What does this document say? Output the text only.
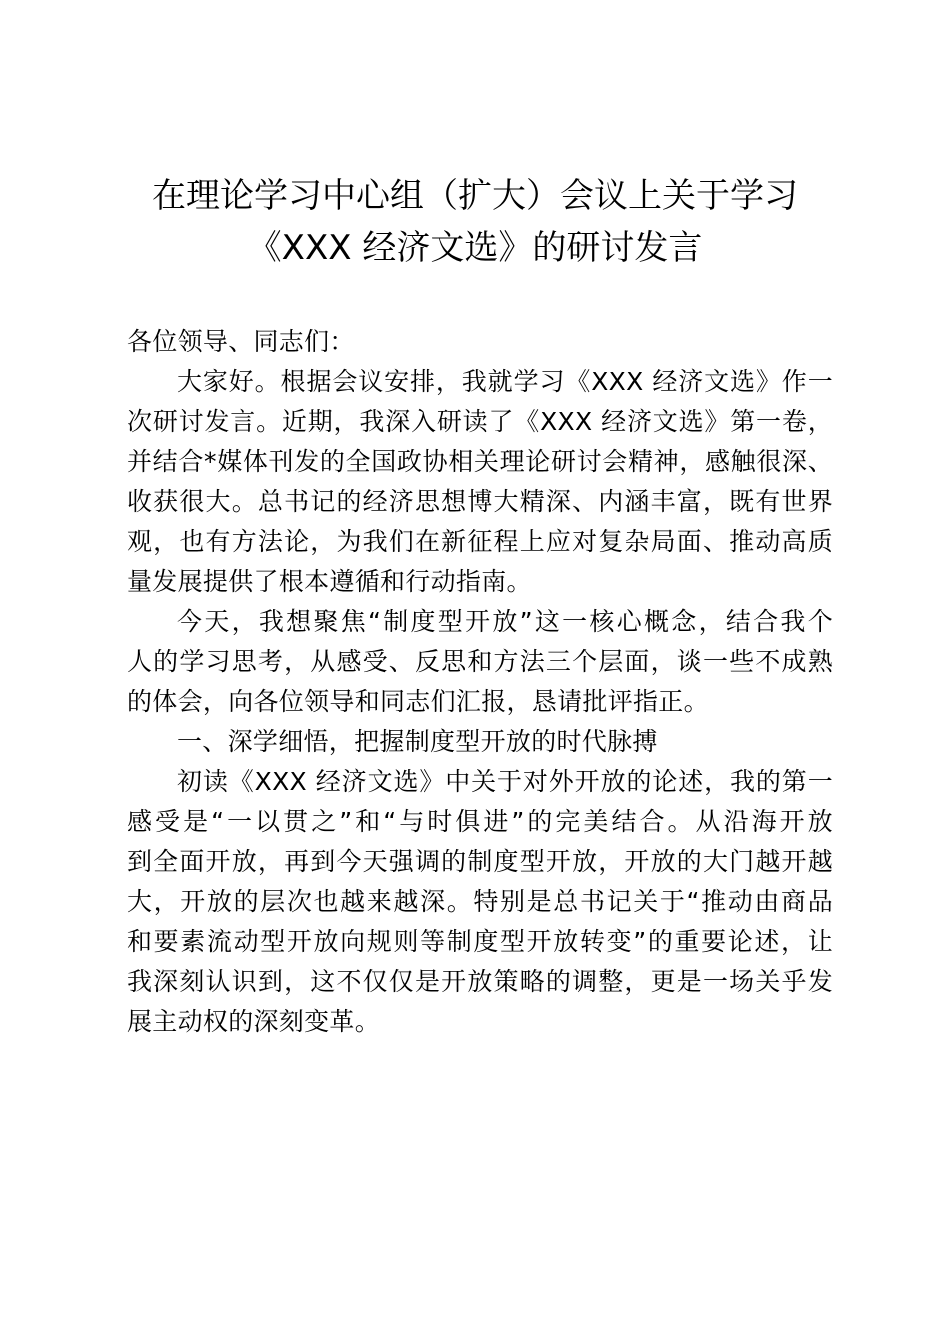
在理论学习中心组（扩大）会议上关于学习
《XXX 经济文选》的研讨发言

各位领导、同志们：

大家好。根据会议安排，我就学习《XXX 经济文选》作一
次研讨发言。近期，我深入研读了《XXX 经济文选》第一卷，
并结合*媒体刊发的全国政协相关理论研讨会精神，感触很深、
收获很大。总书记的经济思想博大精深、内涵丰富，既有世界
观，也有方法论，为我们在新征程上应对复杂局面、推动高质
量发展提供了根本遵循和行动指南。
今天，我想聚焦“制度型开放”这一核心概念，结合我个
人的学习思考，从感受、反思和方法三个层面，谈一些不成熟
的体会，向各位领导和同志们汇报，恳请批评指正。

一、深学细悟，把握制度型开放的时代脉搏

初读《XXX 经济文选》中关于对外开放的论述，我的第一
感受是“一以贯之”和“与时俱进”的完美结合。从沿海开放
到全面开放，再到今天强调的制度型开放，开放的大门越开越
大，开放的层次也越来越深。特别是总书记关于“推动由商品
和要素流动型开放向规则等制度型开放转变”的重要论述，让
我深刻认识到，这不仅仅是开放策略的调整，更是一场关乎发
展主动权的深刻变革。
